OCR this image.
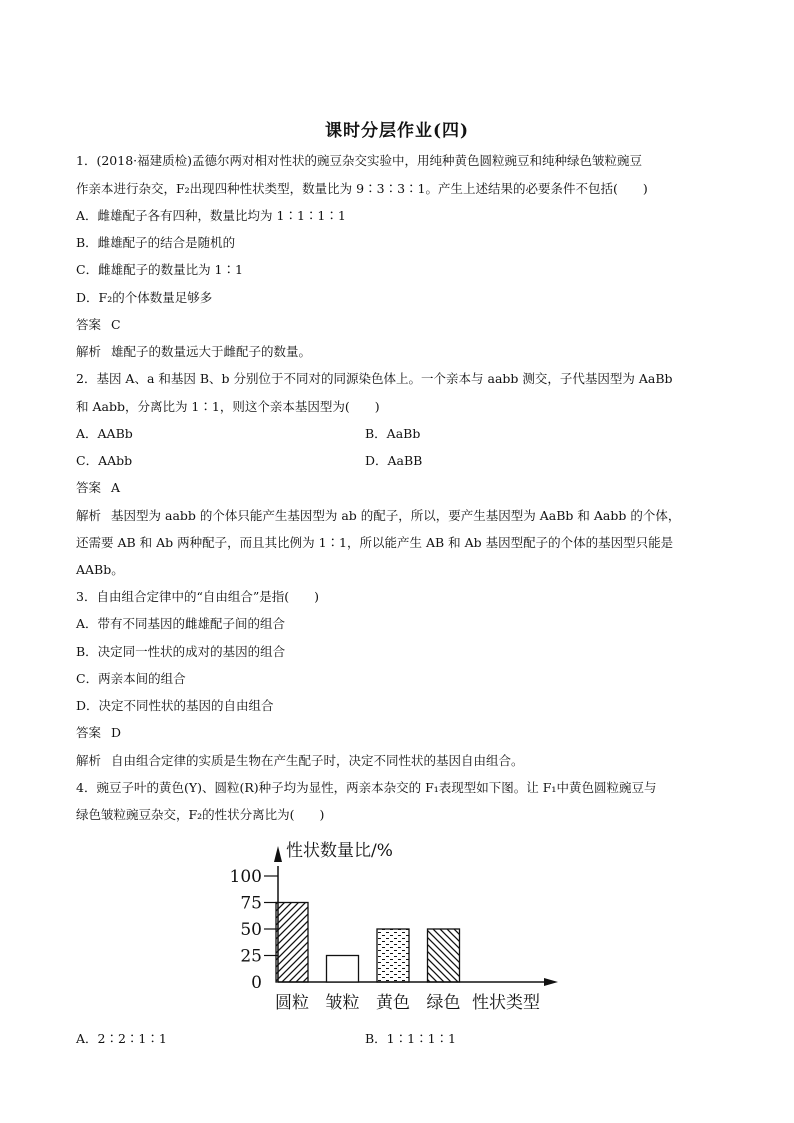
课时分层作业(四)
1．(2018·福建质检)孟德尔两对相对性状的豌豆杂交实验中，用纯种黄色圆粒豌豆和纯种绿色皱粒豌豆
作亲本进行杂交，F₂出现四种性状类型，数量比为 9∶3∶3∶1。产生上述结果的必要条件不包括(　　)
A．雌雄配子各有四种，数量比均为 1∶1∶1∶1
B．雌雄配子的结合是随机的
C．雌雄配子的数量比为 1∶1
D．F₂的个体数量足够多
答案 C
解析 雄配子的数量远大于雌配子的数量。
2．基因 A、a 和基因 B、b 分别位于不同对的同源染色体上。一个亲本与 aabb 测交，子代基因型为 AaBb
和 Aabb，分离比为 1∶1，则这个亲本基因型为(　　)
A．AABb	B．AaBb
C．AAbb	D．AaBB
答案 A
解析 基因型为 aabb 的个体只能产生基因型为 ab 的配子，所以，要产生基因型为 AaBb 和 Aabb 的个体，
还需要 AB 和 Ab 两种配子，而且其比例为 1∶1，所以能产生 AB 和 Ab 基因型配子的个体的基因型只能是
AABb。
3．自由组合定律中的“自由组合”是指(　　)
A．带有不同基因的雌雄配子间的组合
B．决定同一性状的成对的基因的组合
C．两亲本间的组合
D．决定不同性状的基因的自由组合
答案 D
解析 自由组合定律的实质是生物在产生配子时，决定不同性状的基因自由组合。
4．豌豆子叶的黄色(Y)、圆粒(R)种子均为显性，两亲本杂交的 F₁表现型如下图。让 F₁中黄色圆粒豌豆与
绿色皱粒豌豆杂交，F₂的性状分离比为(　　)
性状数量比/%
性状类型
0
25
50
75
100
圆粒 皱粒 黄色 绿色
A．2∶2∶1∶1	B．1∶1∶1∶1
